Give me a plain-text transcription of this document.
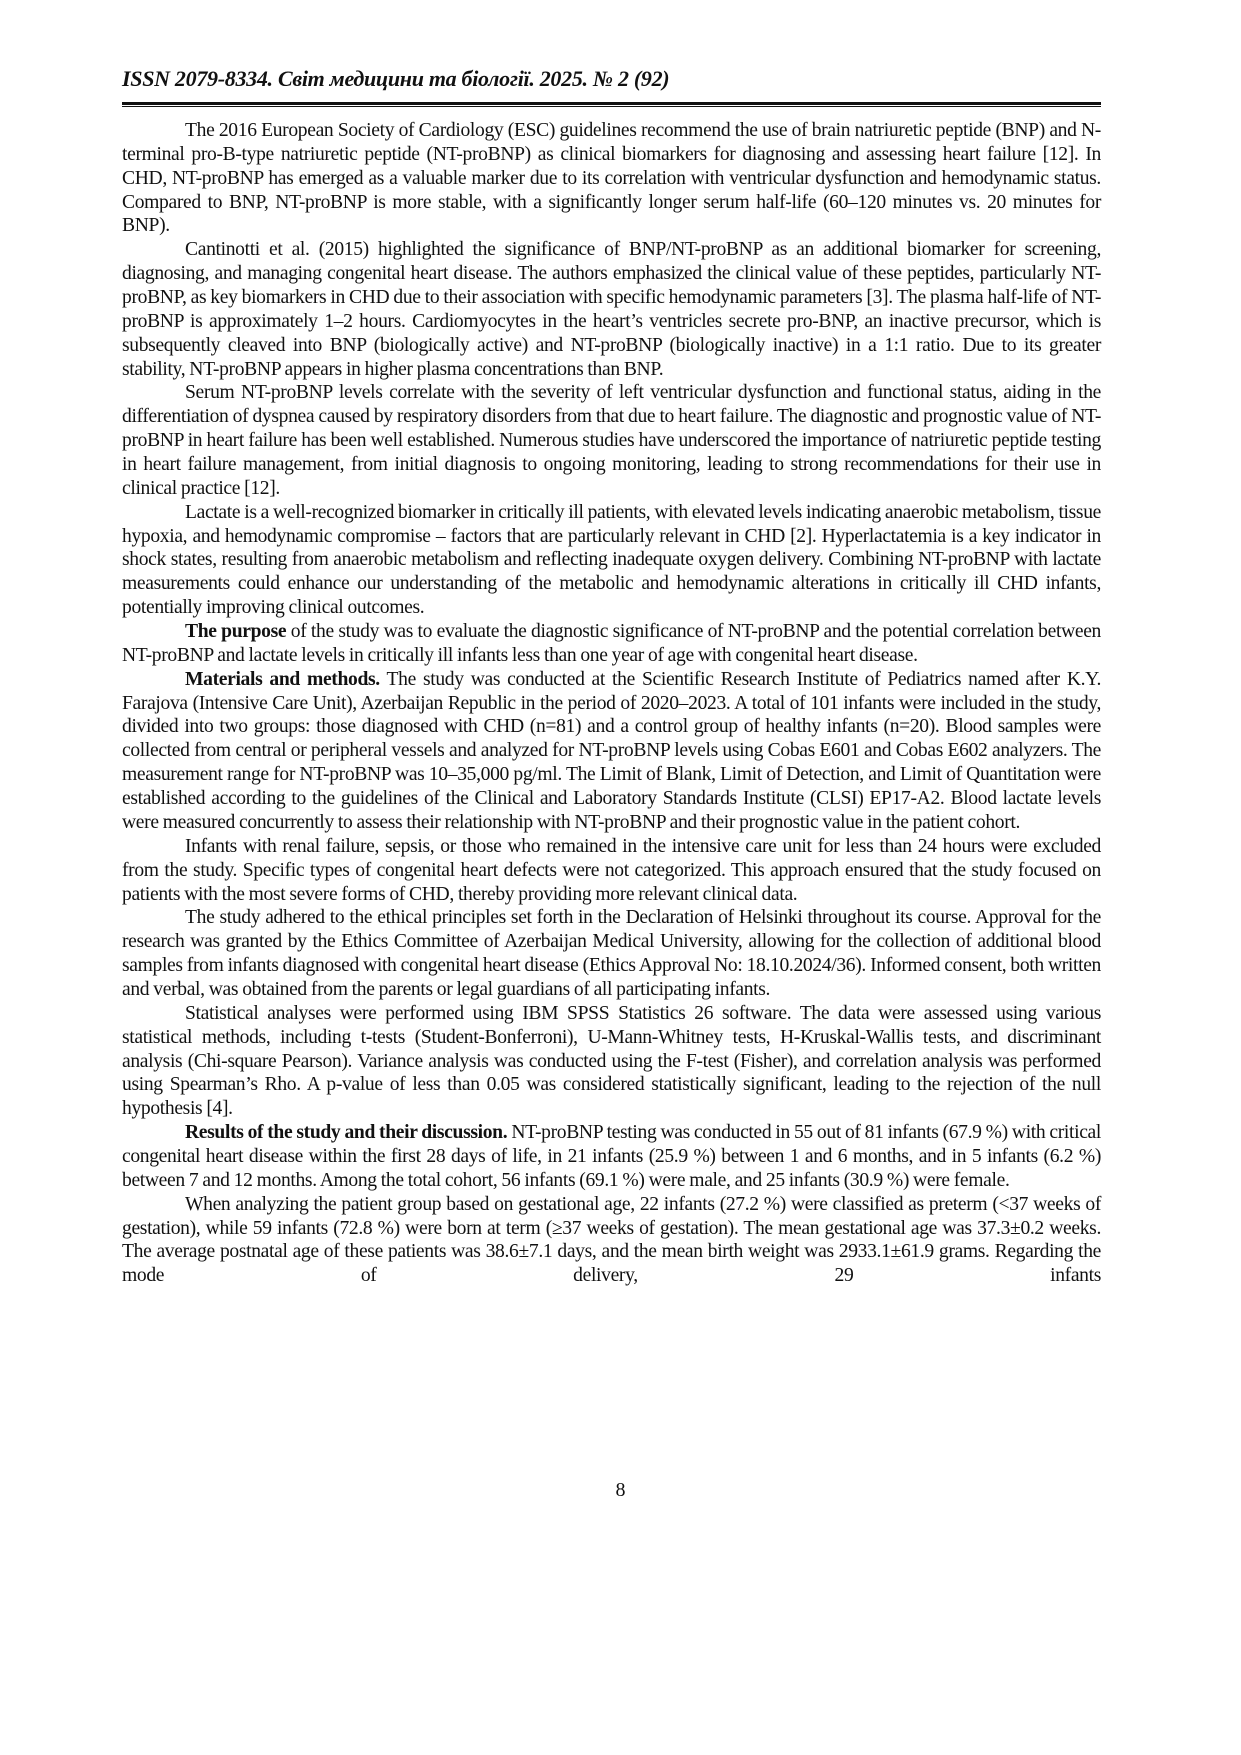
ISSN 2079-8334. Світ медицини та біології. 2025. № 2 (92)

The 2016 European Society of Cardiology (ESC) guidelines recommend the use of brain natriuretic peptide (BNP) and N-terminal pro-B-type natriuretic peptide (NT-proBNP) as clinical biomarkers for diagnosing and assessing heart failure [12]. In CHD, NT-proBNP has emerged as a valuable marker due to its correlation with ventricular dysfunction and hemodynamic status. Compared to BNP, NT-proBNP is more stable, with a significantly longer serum half-life (60–120 minutes vs. 20 minutes for BNP).

Cantinotti et al. (2015) highlighted the significance of BNP/NT-proBNP as an additional biomarker for screening, diagnosing, and managing congenital heart disease. The authors emphasized the clinical value of these peptides, particularly NT-proBNP, as key biomarkers in CHD due to their association with specific hemodynamic parameters [3]. The plasma half-life of NT-proBNP is approximately 1–2 hours. Cardiomyocytes in the heart’s ventricles secrete pro-BNP, an inactive precursor, which is subsequently cleaved into BNP (biologically active) and NT-proBNP (biologically inactive) in a 1:1 ratio. Due to its greater stability, NT-proBNP appears in higher plasma concentrations than BNP.

Serum NT-proBNP levels correlate with the severity of left ventricular dysfunction and functional status, aiding in the differentiation of dyspnea caused by respiratory disorders from that due to heart failure. The diagnostic and prognostic value of NT-proBNP in heart failure has been well established. Numerous studies have underscored the importance of natriuretic peptide testing in heart failure management, from initial diagnosis to ongoing monitoring, leading to strong recommendations for their use in clinical practice [12].

Lactate is a well-recognized biomarker in critically ill patients, with elevated levels indicating anaerobic metabolism, tissue hypoxia, and hemodynamic compromise – factors that are particularly relevant in CHD [2]. Hyperlactatemia is a key indicator in shock states, resulting from anaerobic metabolism and reflecting inadequate oxygen delivery. Combining NT-proBNP with lactate measurements could enhance our understanding of the metabolic and hemodynamic alterations in critically ill CHD infants, potentially improving clinical outcomes.

The purpose of the study was to evaluate the diagnostic significance of NT-proBNP and the potential correlation between NT-proBNP and lactate levels in critically ill infants less than one year of age with congenital heart disease.

Materials and methods. The study was conducted at the Scientific Research Institute of Pediatrics named after K.Y. Farajova (Intensive Care Unit), Azerbaijan Republic in the period of 2020–2023. A total of 101 infants were included in the study, divided into two groups: those diagnosed with CHD (n=81) and a control group of healthy infants (n=20). Blood samples were collected from central or peripheral vessels and analyzed for NT-proBNP levels using Cobas E601 and Cobas E602 analyzers. The measurement range for NT-proBNP was 10–35,000 pg/ml. The Limit of Blank, Limit of Detection, and Limit of Quantitation were established according to the guidelines of the Clinical and Laboratory Standards Institute (CLSI) EP17-A2. Blood lactate levels were measured concurrently to assess their relationship with NT-proBNP and their prognostic value in the patient cohort.

Infants with renal failure, sepsis, or those who remained in the intensive care unit for less than 24 hours were excluded from the study. Specific types of congenital heart defects were not categorized. This approach ensured that the study focused on patients with the most severe forms of CHD, thereby providing more relevant clinical data.

The study adhered to the ethical principles set forth in the Declaration of Helsinki throughout its course. Approval for the research was granted by the Ethics Committee of Azerbaijan Medical University, allowing for the collection of additional blood samples from infants diagnosed with congenital heart disease (Ethics Approval No: 18.10.2024/36). Informed consent, both written and verbal, was obtained from the parents or legal guardians of all participating infants.

Statistical analyses were performed using IBM SPSS Statistics 26 software. The data were assessed using various statistical methods, including t-tests (Student-Bonferroni), U-Mann-Whitney tests, H-Kruskal-Wallis tests, and discriminant analysis (Chi-square Pearson). Variance analysis was conducted using the F-test (Fisher), and correlation analysis was performed using Spearman’s Rho. A p-value of less than 0.05 was considered statistically significant, leading to the rejection of the null hypothesis [4].

Results of the study and their discussion. NT-proBNP testing was conducted in 55 out of 81 infants (67.9 %) with critical congenital heart disease within the first 28 days of life, in 21 infants (25.9 %) between 1 and 6 months, and in 5 infants (6.2 %) between 7 and 12 months. Among the total cohort, 56 infants (69.1 %) were male, and 25 infants (30.9 %) were female.

When analyzing the patient group based on gestational age, 22 infants (27.2 %) were classified as preterm (<37 weeks of gestation), while 59 infants (72.8 %) were born at term (≥37 weeks of gestation). The mean gestational age was 37.3±0.2 weeks. The average postnatal age of these patients was 38.6±7.1 days, and the mean birth weight was 2933.1±61.9 grams. Regarding the mode of delivery, 29 infants

8
